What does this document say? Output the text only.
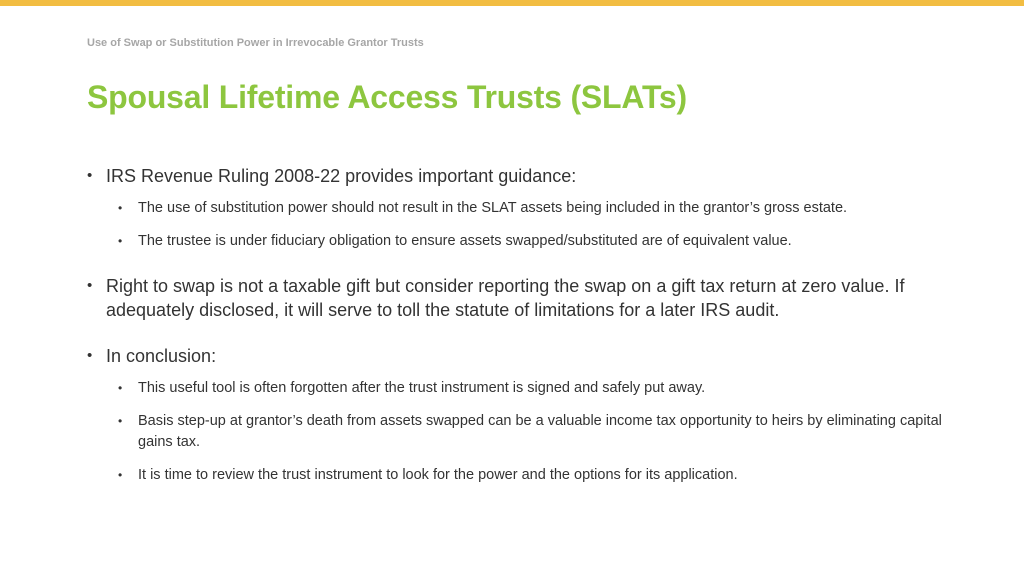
Use of Swap or Substitution Power in Irrevocable Grantor Trusts
Spousal Lifetime Access Trusts (SLATs)
• IRS Revenue Ruling 2008-22 provides important guidance:
• The use of substitution power should not result in the SLAT assets being included in the grantor’s gross estate.
• The trustee is under fiduciary obligation to ensure assets swapped/substituted are of equivalent value.
• Right to swap is not a taxable gift but consider reporting the swap on a gift tax return at zero value. If adequately disclosed, it will serve to toll the statute of limitations for a later IRS audit.
• In conclusion:
• This useful tool is often forgotten after the trust instrument is signed and safely put away.
• Basis step-up at grantor’s death from assets swapped can be a valuable income tax opportunity to heirs by eliminating capital gains tax.
• It is time to review the trust instrument to look for the power and the options for its application.
